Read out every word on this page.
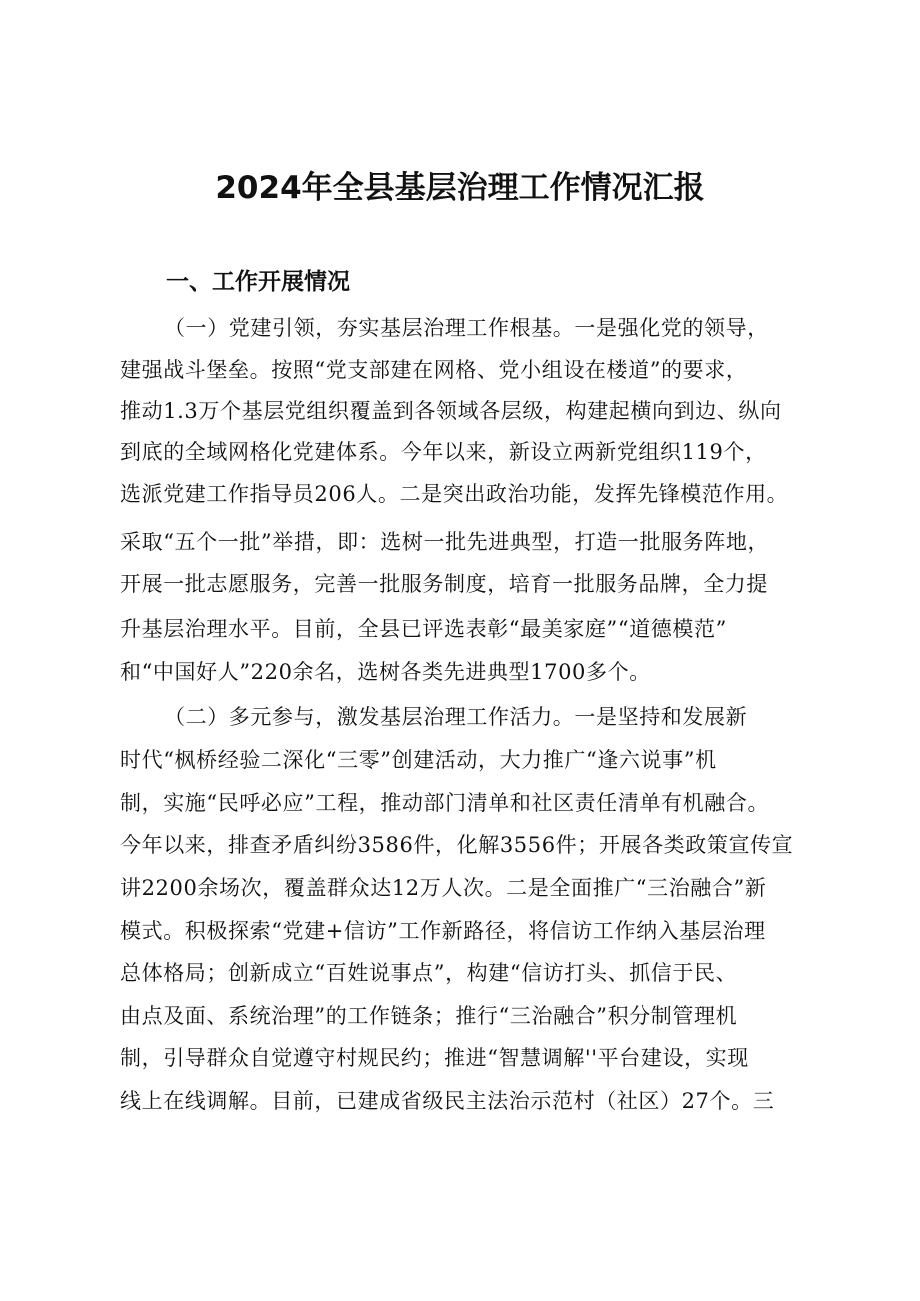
2024年全县基层治理工作情况汇报
一、工作开展情况

（一）党建引领，夯实基层治理工作根基。一是强化党的领导，

建强战斗堡垒。按照“党支部建在网格、党小组设在楼道”的要求，

推动1.3万个基层党组织覆盖到各领域各层级，构建起横向到边、纵向

到底的全域网格化党建体系。今年以来，新设立两新党组织119个，

选派党建工作指导员206人。二是突出政治功能，发挥先锋模范作用。

采取“五个一批”举措，即：选树一批先进典型，打造一批服务阵地，

开展一批志愿服务，完善一批服务制度，培育一批服务品牌，全力提

升基层治理水平。目前，全县已评选表彰“最美家庭”“道德模范”

和“中国好人”220余名，选树各类先进典型1700多个。

（二）多元参与，激发基层治理工作活力。一是坚持和发展新

时代“枫桥经验二深化“三零”创建活动，大力推广“逢六说事”机

制，实施“民呼必应”工程，推动部门清单和社区责任清单有机融合。

今年以来，排查矛盾纠纷3586件，化解3556件；开展各类政策宣传宣

讲2200余场次，覆盖群众达12万人次。二是全面推广“三治融合”新

模式。积极探索“党建+信访”工作新路径，将信访工作纳入基层治理

总体格局；创新成立“百姓说事点”，构建“信访打头、抓信于民、

由点及面、系统治理”的工作链条；推行“三治融合”积分制管理机

制，引导群众自觉遵守村规民约；推进“智慧调解''平台建设，实现

线上在线调解。目前，已建成省级民主法治示范村（社区）27个。三
